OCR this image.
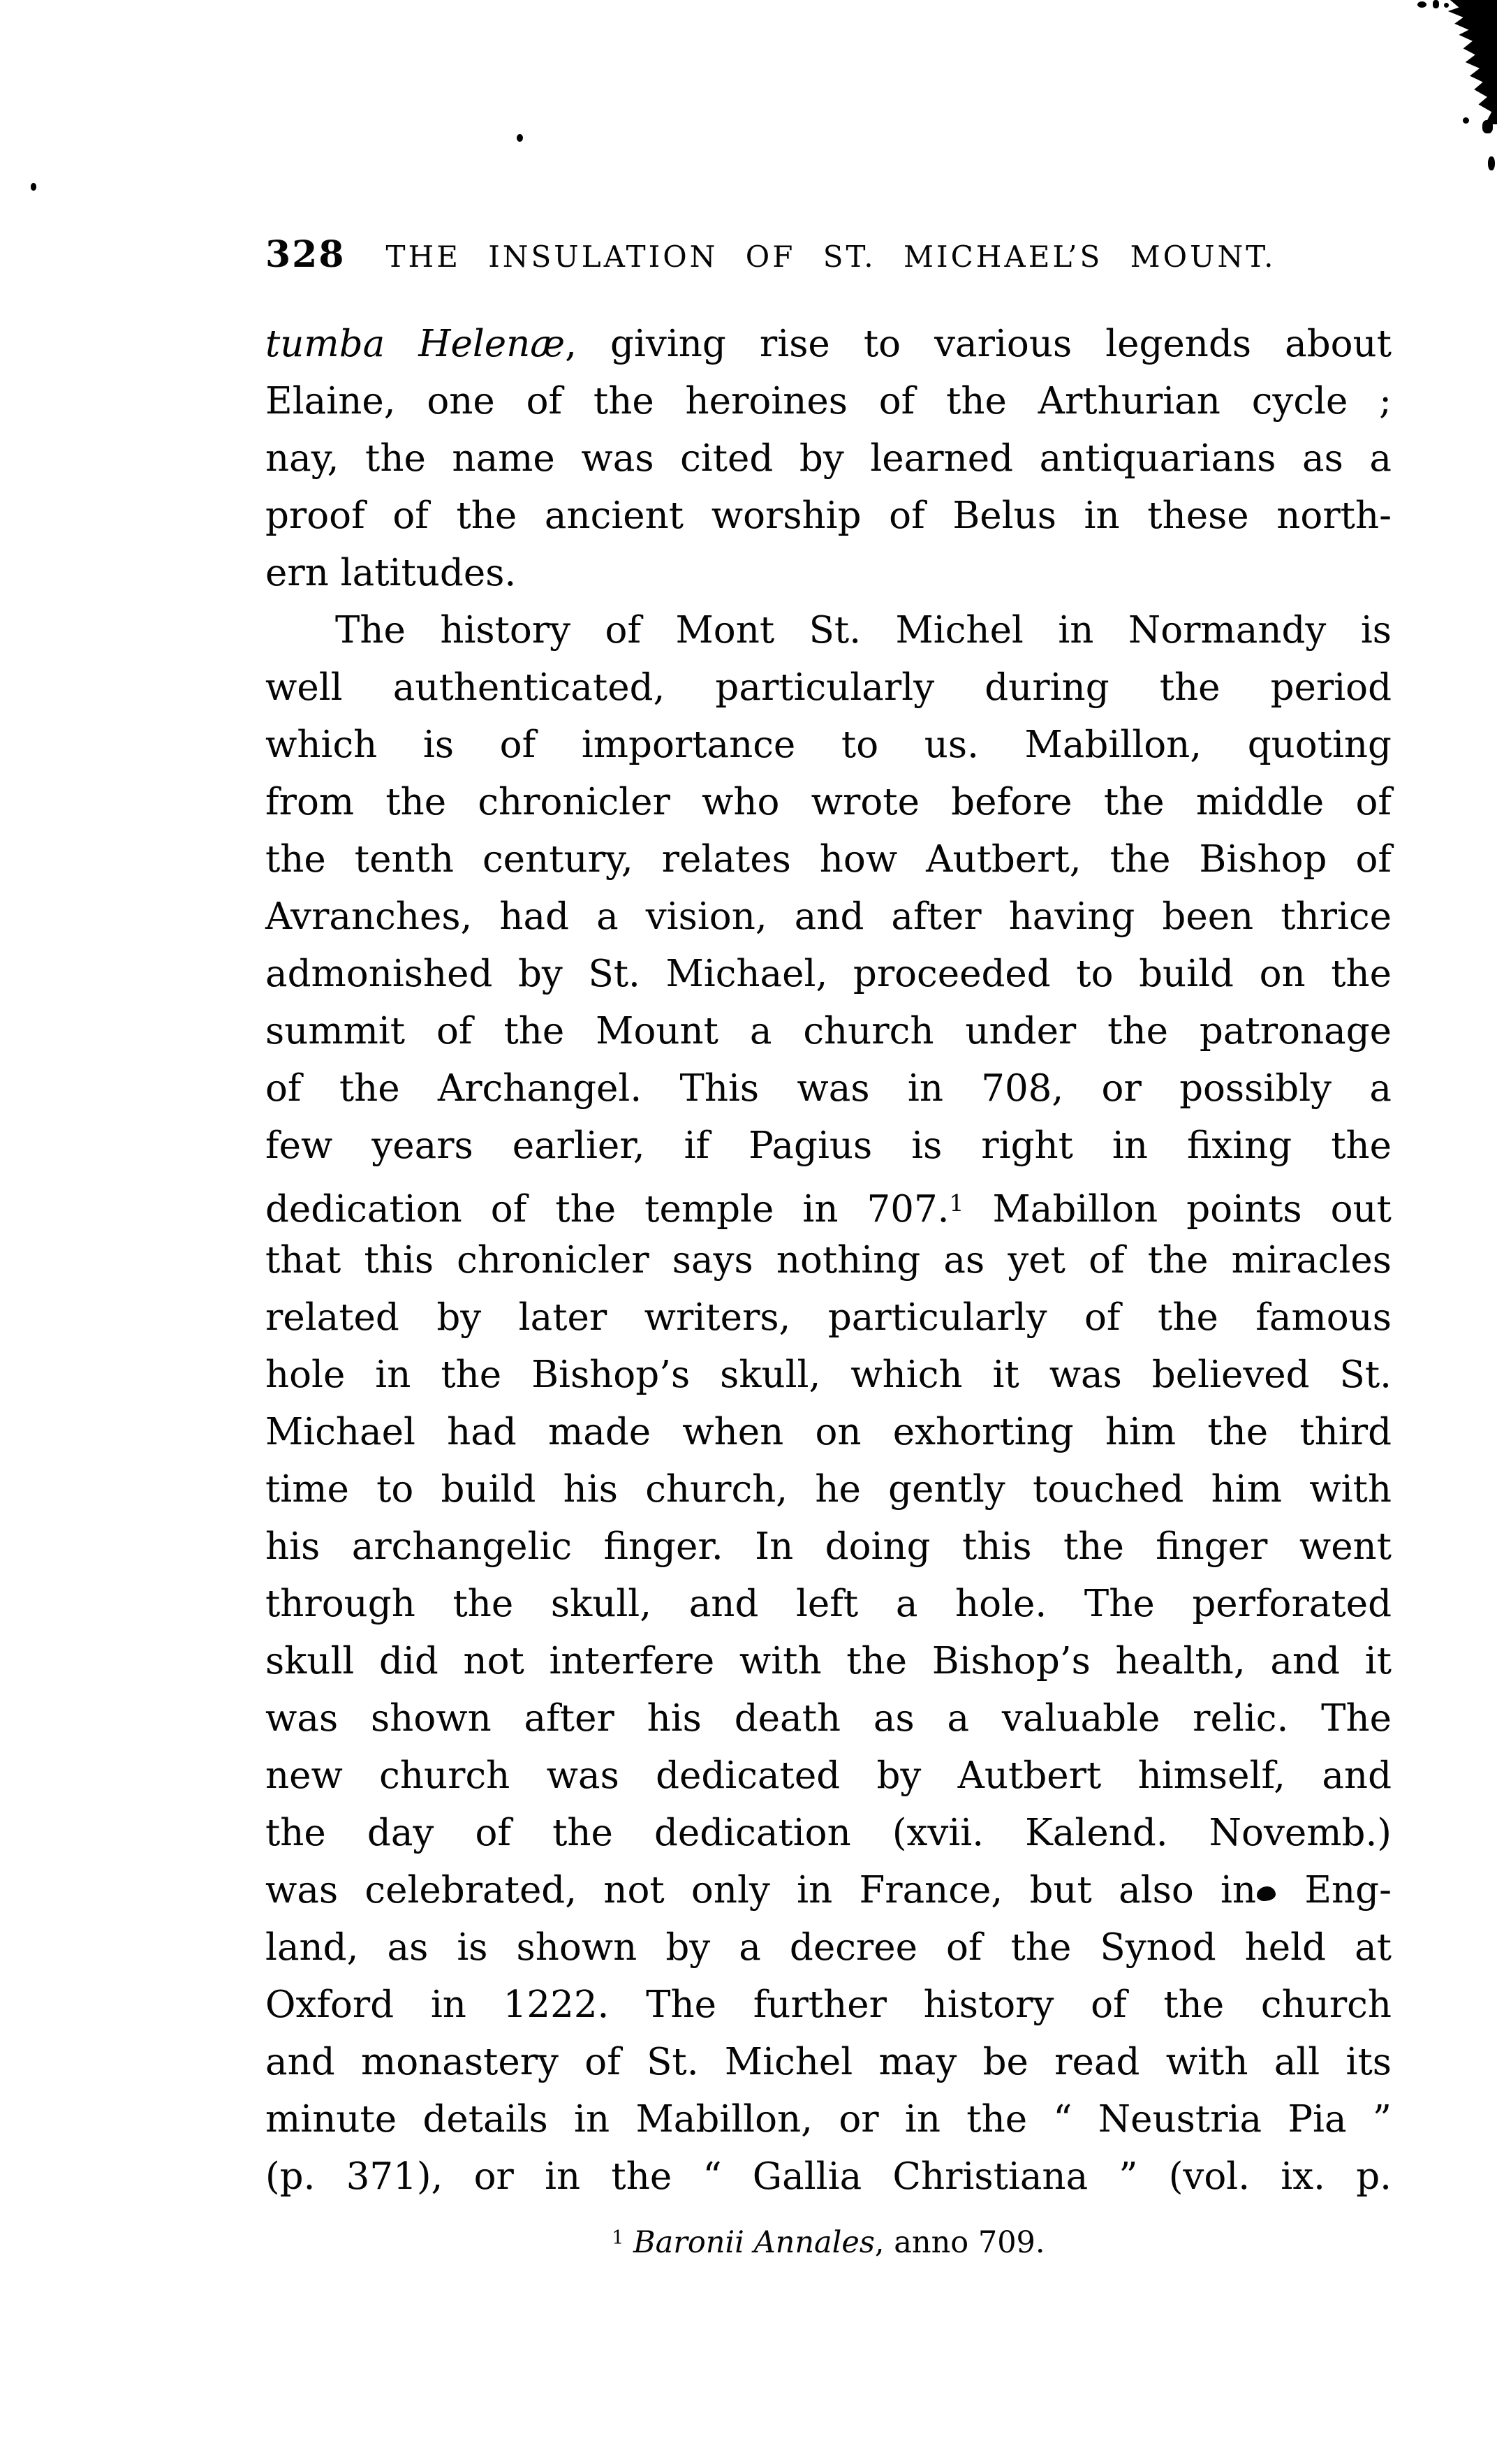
328 THE INSULATION OF ST. MICHAEL’S MOUNT.
tumba Helenæ, giving rise to various legends about
Elaine, one of the heroines of the Arthurian cycle ;
nay, the name was cited by learned antiquarians as a
proof of the ancient worship of Belus in these north-
ern latitudes.
The history of Mont St. Michel in Normandy is
well authenticated, particularly during the period
which is of importance to us. Mabillon, quoting
from the chronicler who wrote before the middle of
the tenth century, relates how Autbert, the Bishop of
Avranches, had a vision, and after having been thrice
admonished by St. Michael, proceeded to build on the
summit of the Mount a church under the patronage
of the Archangel. This was in 708, or possibly a
few years earlier, if Pagius is right in fixing the
dedication of the temple in 707.$^1$ Mabillon points out
that this chronicler says nothing as yet of the miracles
related by later writers, particularly of the famous
hole in the Bishop’s skull, which it was believed St.
Michael had made when on exhorting him the third
time to build his church, he gently touched him with
his archangelic finger. In doing this the finger went
through the skull, and left a hole. The perforated
skull did not interfere with the Bishop’s health, and it
was shown after his death as a valuable relic. The
new church was dedicated by Autbert himself, and
the day of the dedication (xvii. Kalend. Novemb.)
was celebrated, not only in France, but also in Eng-
land, as is shown by a decree of the Synod held at
Oxford in 1222. The further history of the church
and monastery of St. Michel may be read with all its
minute details in Mabillon, or in the “ Neustria Pia ”
(p. 371), or in the “ Gallia Christiana ” (vol. ix. p.
$^1$ Baronii Annales, anno 709.
